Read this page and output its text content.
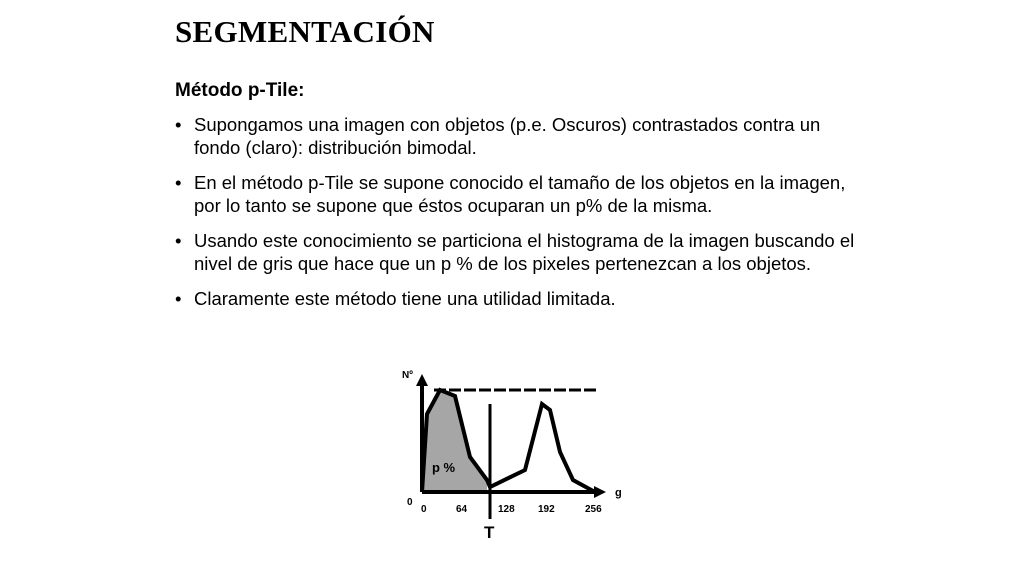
SEGMENTACIÓN

Método p-Tile:

• Supongamos una imagen con objetos (p.e. Oscuros) contrastados contra un fondo (claro): distribución bimodal.
• En el método p-Tile se supone conocido el tamaño de los objetos en la imagen, por lo tanto se supone que éstos ocuparan un p% de la misma.
• Usando este conocimiento se particiona el histograma de la imagen buscando el nivel de gris que hace que un p % de los pixeles pertenezcan a los objetos.
• Claramente este método tiene una utilidad limitada.
Nº
g
0
0	64	128 192	256
p %
T
